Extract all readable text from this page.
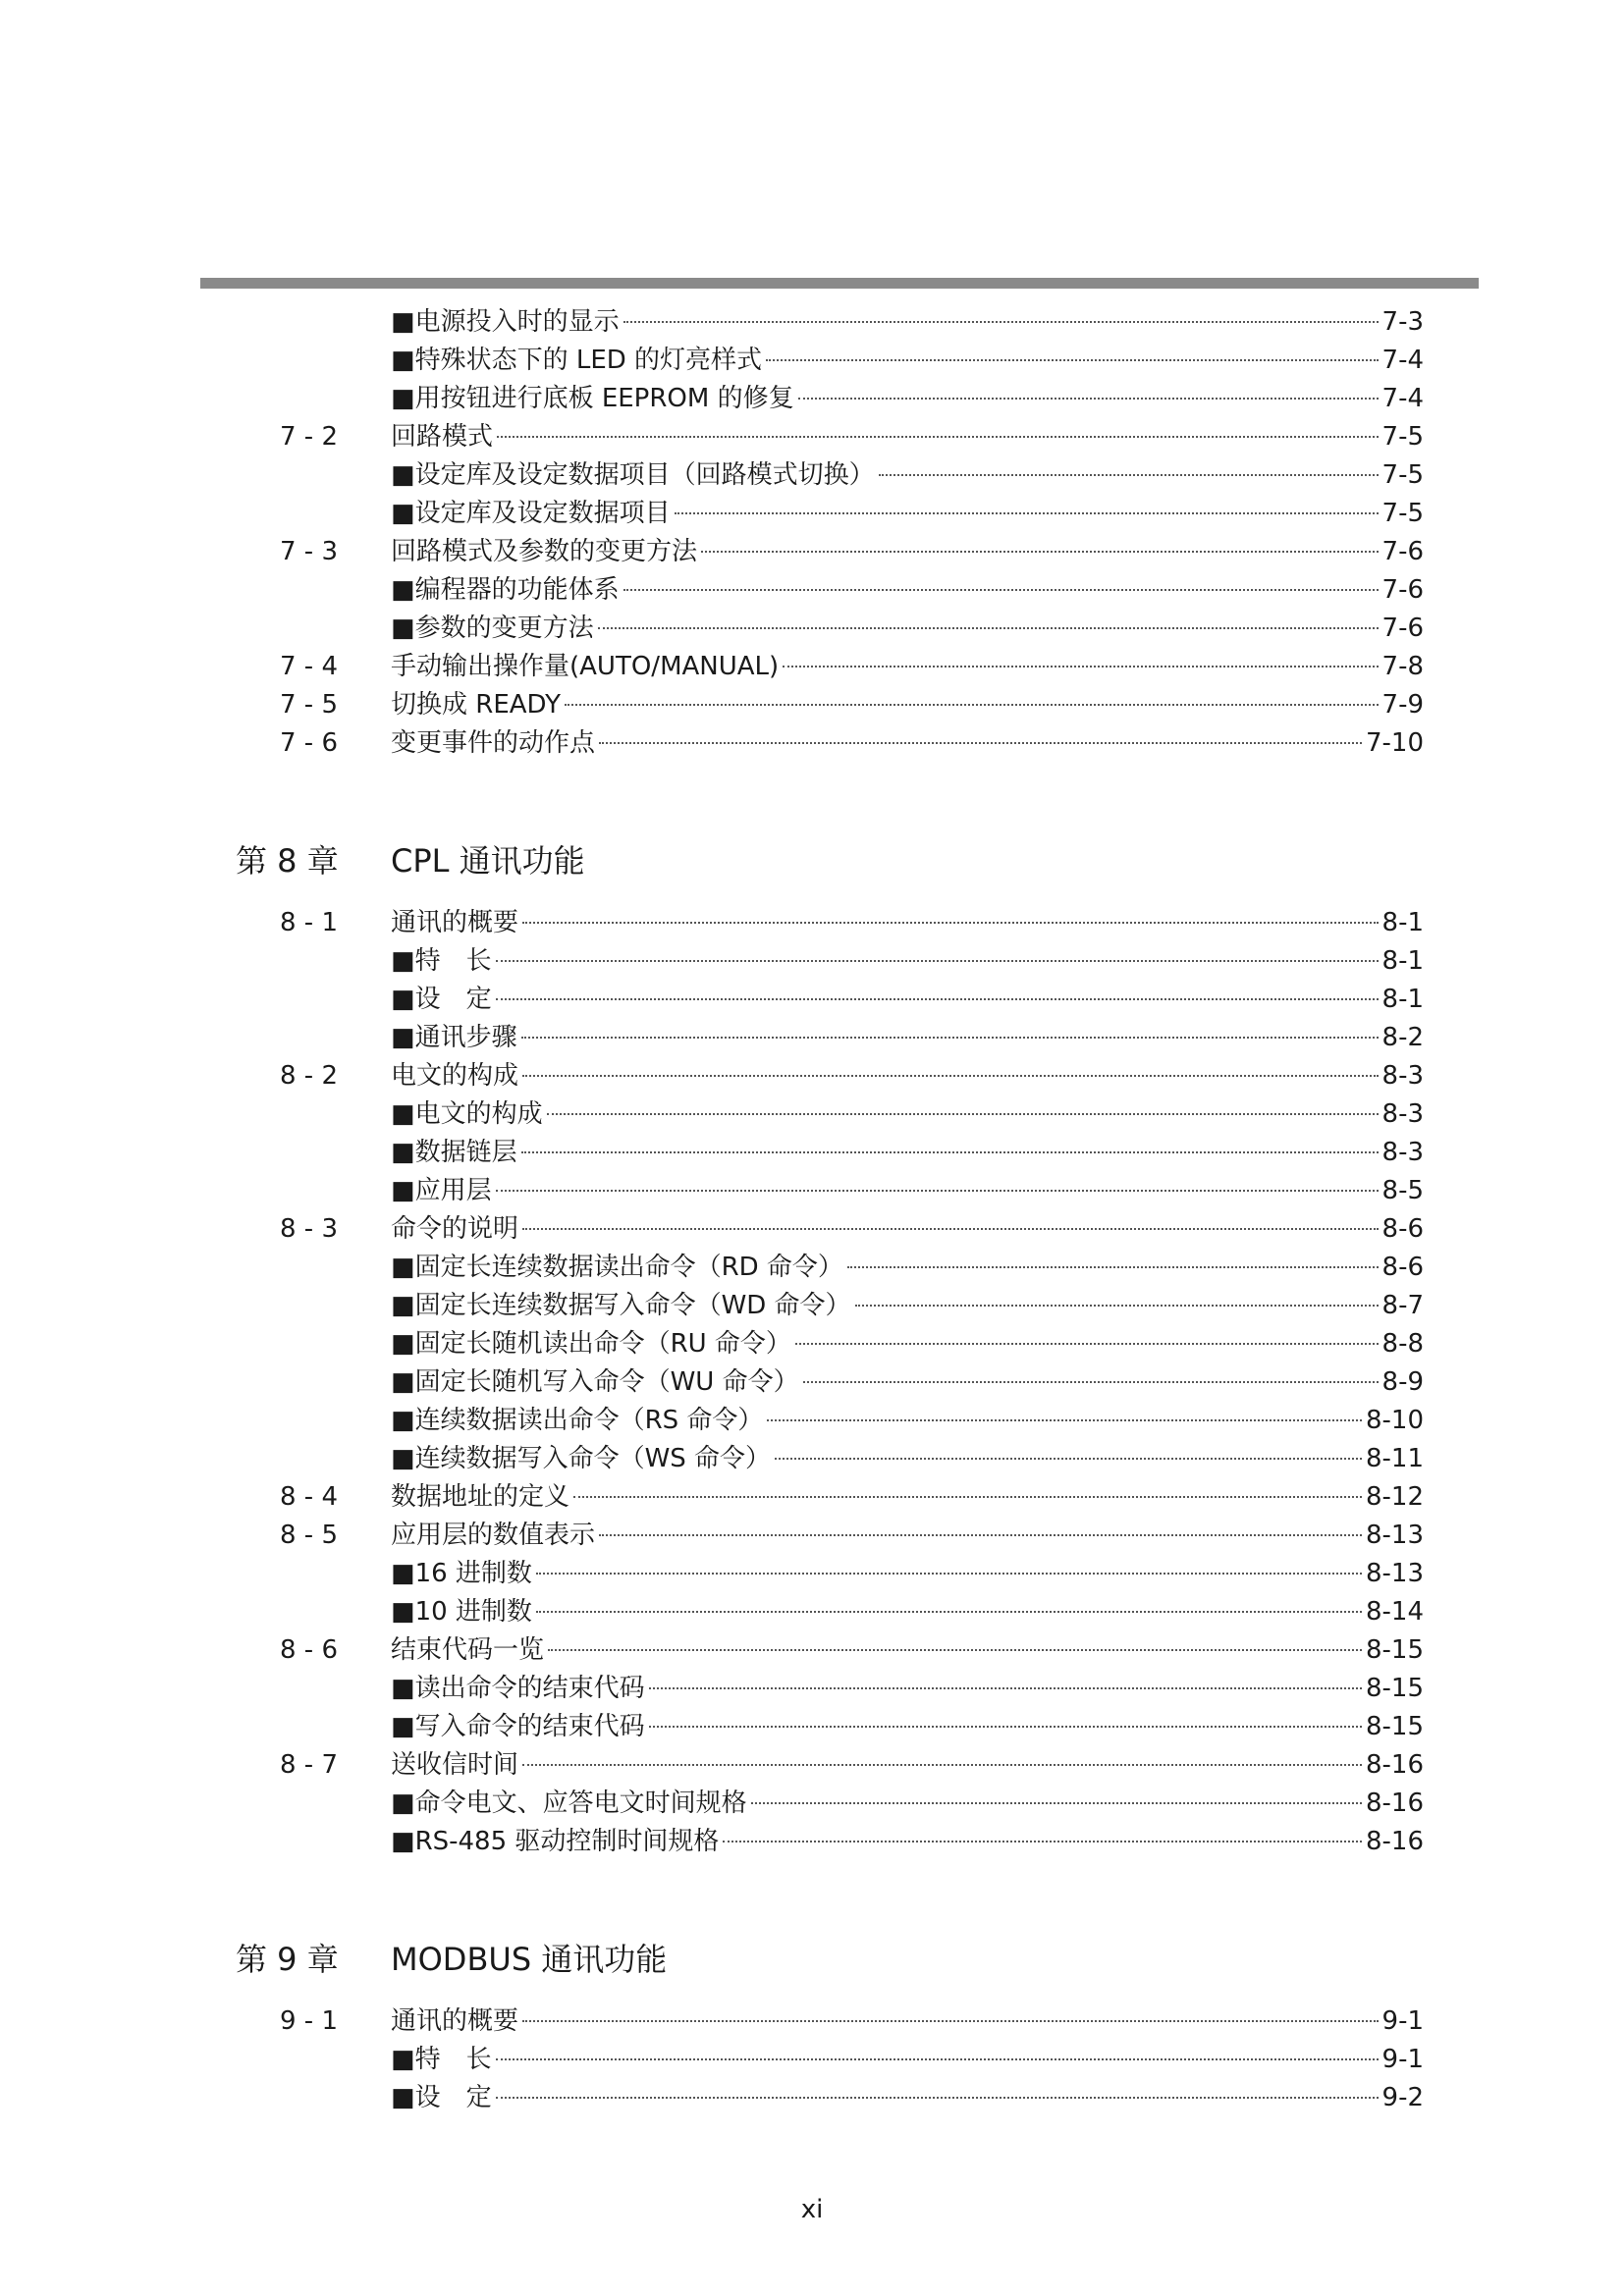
■电源投入时的显示	7-3
■特殊状态下的 LED 的灯亮样式	7-4
■用按钮进行底板 EEPROM 的修复	7-4
7 - 2 回路模式	7-5
■设定库及设定数据项目（回路模式切换）	7-5
■设定库及设定数据项目	7-5
7 - 3 回路模式及参数的变更方法	7-6
■编程器的功能体系	7-6
■参数的变更方法	7-6
7 - 4 手动输出操作量(AUTO/MANUAL)	7-8
7 - 5 切换成 READY	7-9
7 - 6 变更事件的动作点	7-10
第 8 章 CPL 通讯功能
8 - 1 通讯的概要	8-1
■特　长	8-1
■设　定	8-1
■通讯步骤	8-2
8 - 2 电文的构成	8-3
■电文的构成	8-3
■数据链层	8-3
■应用层	8-5
8 - 3 命令的说明	8-6
■固定长连续数据读出命令（RD 命令）	8-6
■固定长连续数据写入命令（WD 命令）	8-7
■固定长随机读出命令（RU 命令）	8-8
■固定长随机写入命令（WU 命令）	8-9
■连续数据读出命令（RS 命令）	8-10
■连续数据写入命令（WS 命令）	8-11
8 - 4 数据地址的定义	8-12
8 - 5 应用层的数值表示	8-13
■16 进制数	8-13
■10 进制数	8-14
8 - 6 结束代码一览	8-15
■读出命令的结束代码	8-15
■写入命令的结束代码	8-15
8 - 7 送收信时间	8-16
■命令电文、应答电文时间规格	8-16
■RS-485 驱动控制时间规格	8-16
第 9 章 MODBUS 通讯功能
9 - 1 通讯的概要	9-1
■特　长	9-1
■设　定	9-2
xi
